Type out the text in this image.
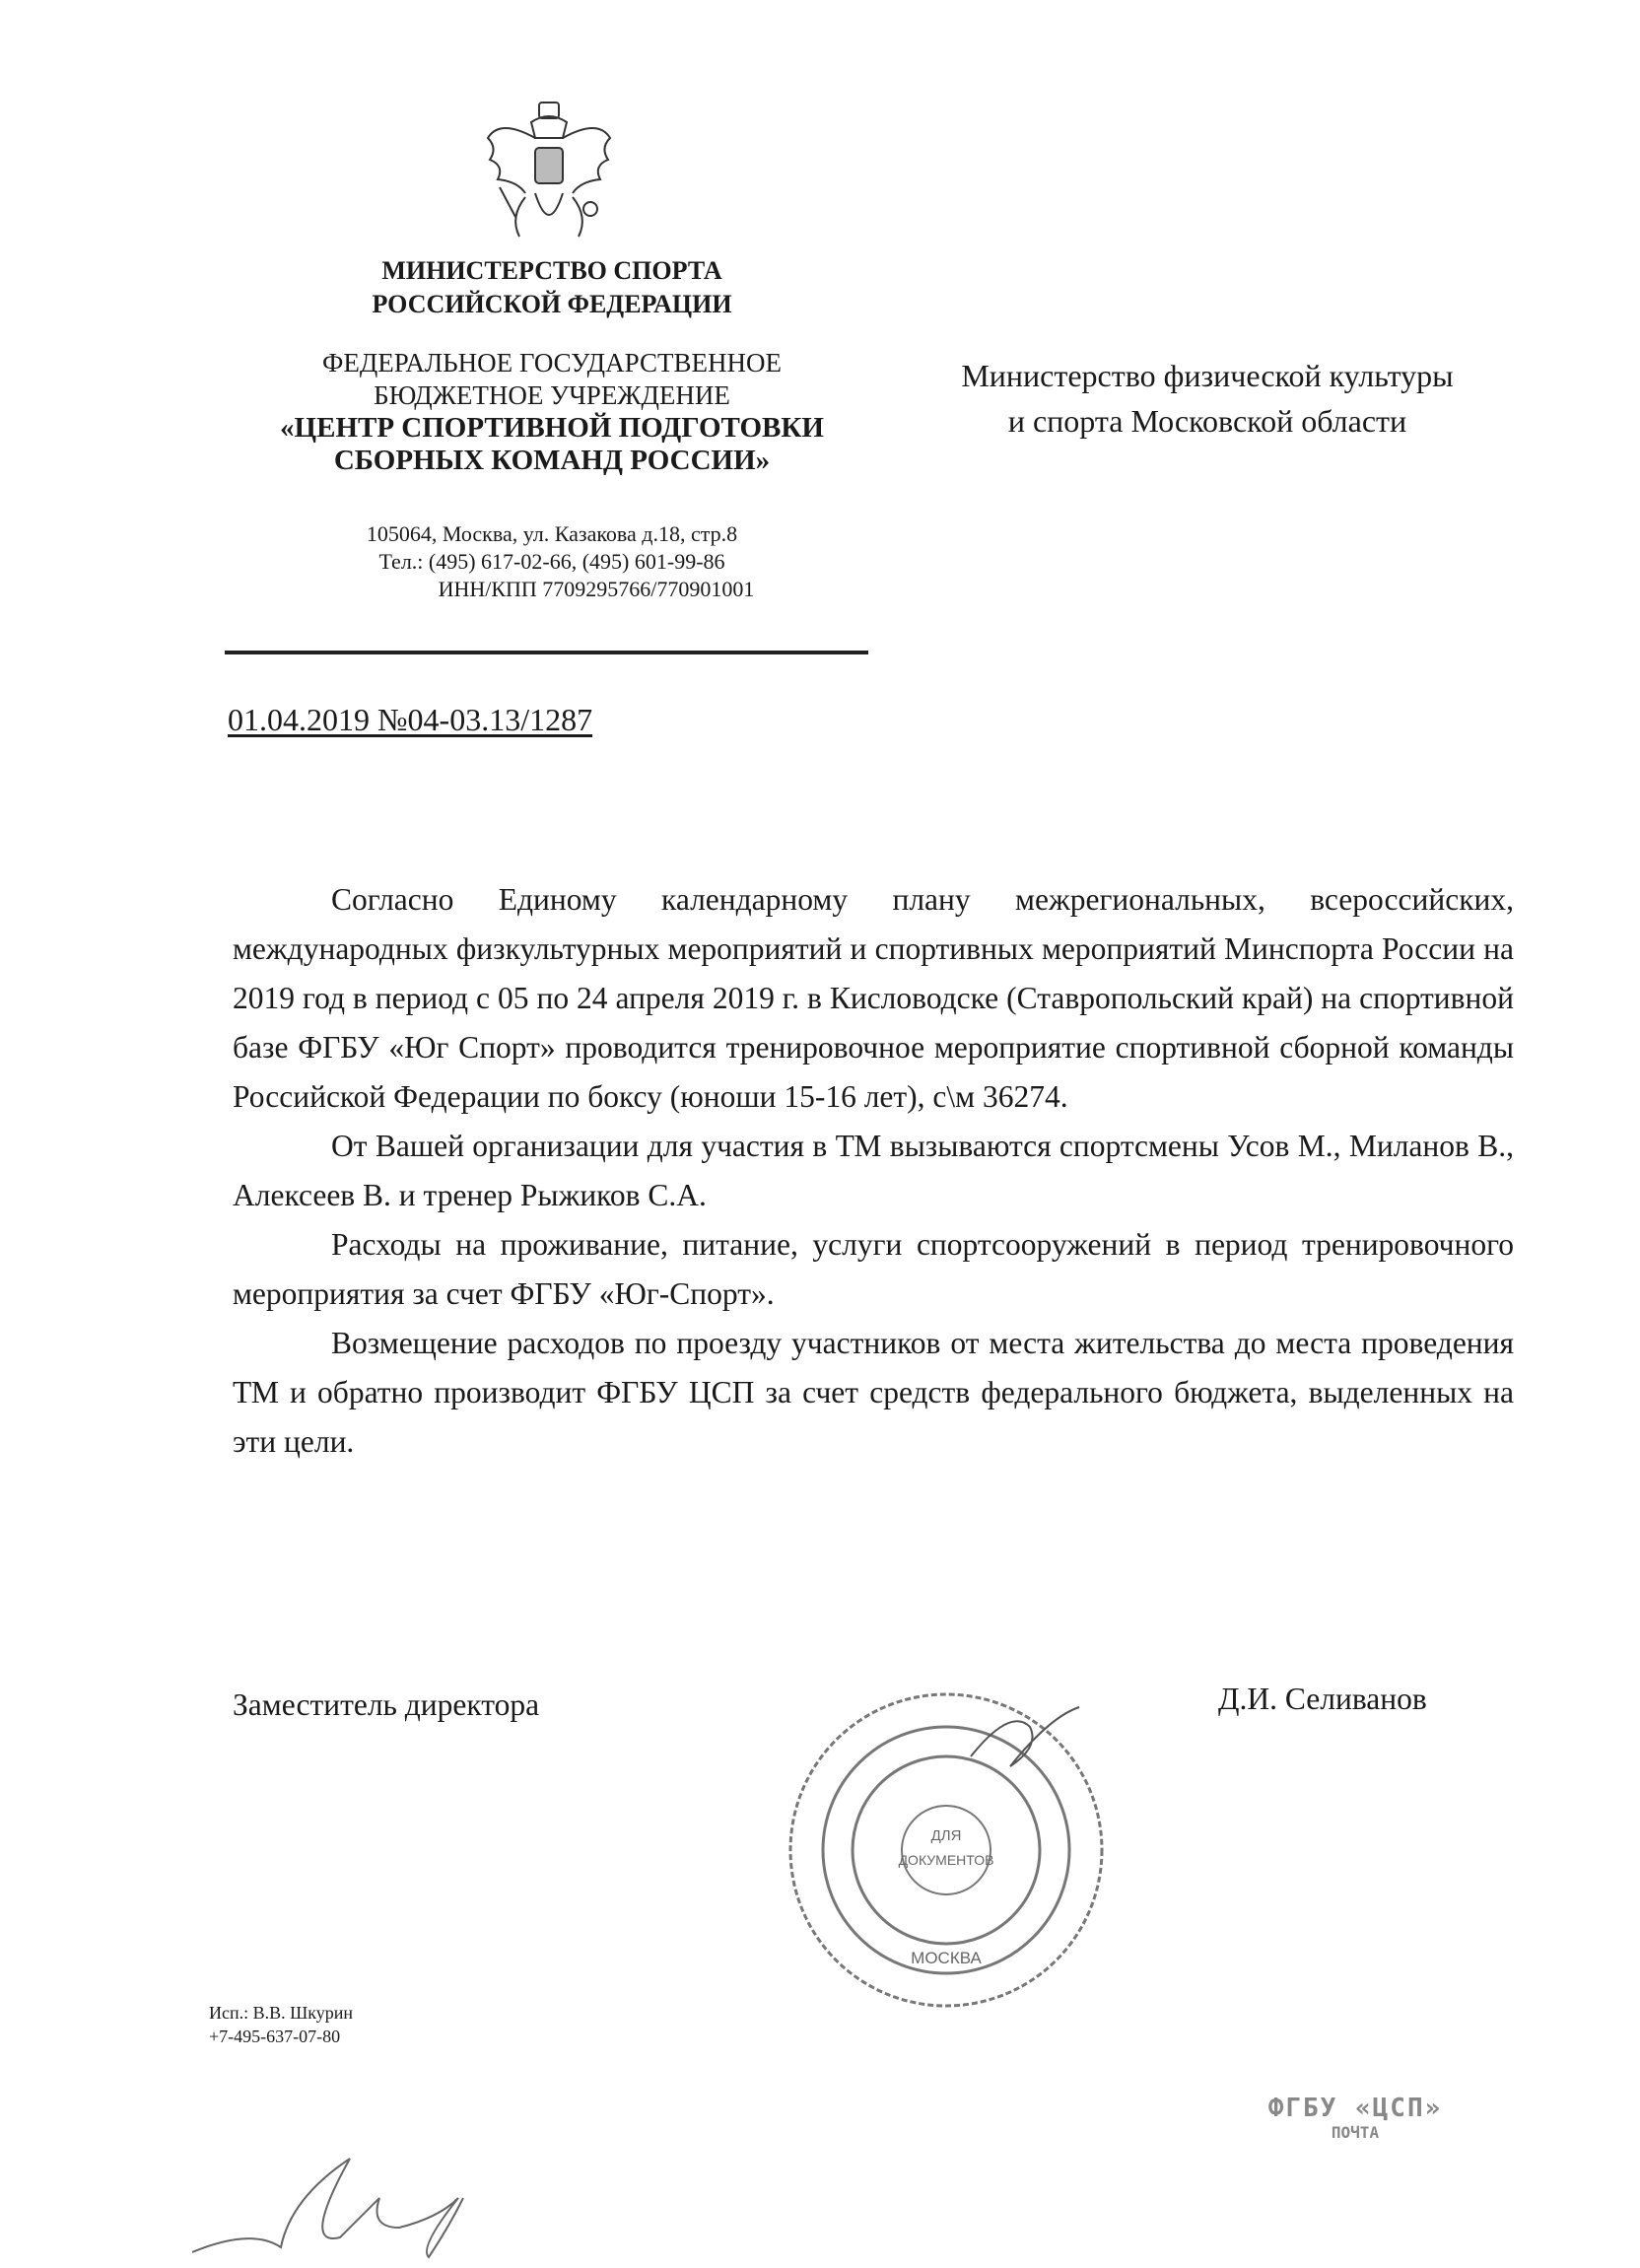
МИНИСТЕРСТВО СПОРТА
РОССИЙСКОЙ ФЕДЕРАЦИИ
ФЕДЕРАЛЬНОЕ ГОСУДАРСТВЕННОЕ
БЮДЖЕТНОЕ УЧРЕЖДЕНИЕ
«ЦЕНТР СПОРТИВНОЙ ПОДГОТОВКИ
СБОРНЫХ КОМАНД РОССИИ»
105064, Москва, ул. Казакова д.18, стр.8
Тел.: (495) 617-02-66, (495) 601-99-86
ИНН/КПП 7709295766/770901001
Министерство физической культуры
и спорта Московской области
01.04.2019 №04-03.13/1287

Согласно Единому календарному плану межрегиональных, всероссийских, международных физкультурных мероприятий и спортивных мероприятий Минспорта России на 2019 год в период с 05 по 24 апреля 2019 г. в Кисловодске (Ставропольский край) на спортивной базе ФГБУ «Юг Спорт» проводится тренировочное мероприятие спортивной сборной команды Российской Федерации по боксу (юноши 15-16 лет), с\м 36274.

От Вашей организации для участия в ТМ вызываются спортсмены Усов М., Миланов В., Алексеев В. и тренер Рыжиков С.А.

Расходы на проживание, питание, услуги спортсооружений в период тренировочного мероприятия за счет ФГБУ «Юг-Спорт».

Возмещение расходов по проезду участников от места жительства до места проведения ТМ и обратно производит ФГБУ ЦСП за счет средств федерального бюджета, выделенных на эти цели.

Заместитель директора	Д.И. Селиванов
ДЛЯ
ДОКУМЕНТОВ
МОСКВА
Исп.: В.В. Шкурин
+7-495-637-07-80
ФГБУ «ЦСП»
ПОЧТА
